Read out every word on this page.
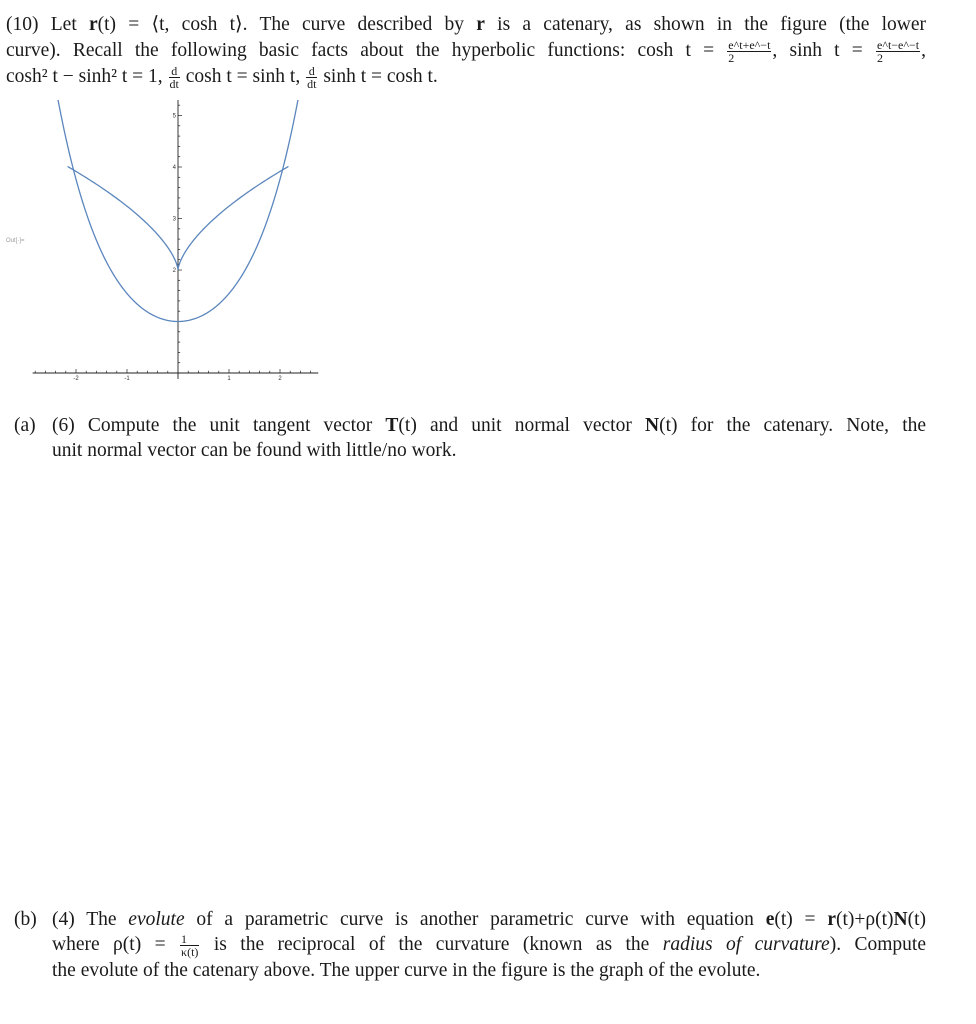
(10) Let r(t) = ⟨t, cosh t⟩. The curve described by r is a catenary, as shown in the figure (the lower
curve). Recall the following basic facts about the hyperbolic functions: $\cosh t = \frac{e\^{}t+e\^{}-t}{2}$ , $\sinh t = \frac{e\^{}t-e\^{}-t}{2}$ ,
cosh² t − sinh² t = 1, $\frac{d}{dt}$ cosh t = sinh t, $\frac{d}{dt}$ sinh t = cosh t.
Out[·]=
-2	-1	1	2
2
3
4
5
(a) (6) Compute the unit tangent vector T(t) and unit normal vector N(t) for the catenary. Note, the
unit normal vector can be found with little/no work.
(b) (4) The evolute of a parametric curve is another parametric curve with equation e(t) = r(t)+ρ(t)N(t)
where $\rho(t) = \frac{1}{\kappa(t)}$ is the reciprocal of the curvature (known as the radius of curvature). Compute
the evolute of the catenary above. The upper curve in the figure is the graph of the evolute.
